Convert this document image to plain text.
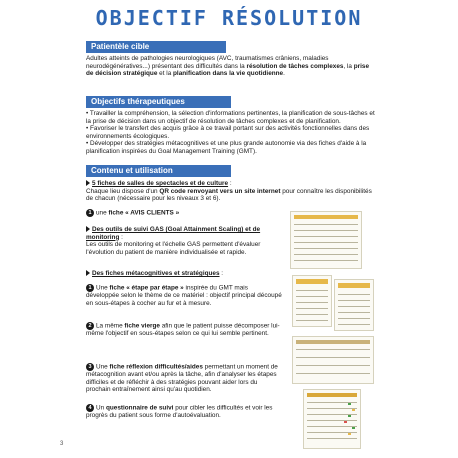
OBJECTIF RÉSOLUTION
Patientèle cible
Adultes atteints de pathologies neurologiques (AVC, traumatismes crâniens, maladies neurodégénératives...) présentant des difficultés dans la résolution de tâches complexes, la prise de décision stratégique et la planification dans la vie quotidienne.
Objectifs thérapeutiques
• Travailler la compréhension, la sélection d'informations pertinentes, la planification de sous-tâches et la prise de décision dans un objectif de résolution de tâches complexes et de planification.
• Favoriser le transfert des acquis grâce à ce travail portant sur des activités fonctionnelles dans des environnements écologiques.
• Développer des stratégies métacognitives et une plus grande autonomie via des fiches d'aide à la planification inspirées du Goal Management Training (GMT).
Contenu et utilisation
5 fiches de salles de spectacles et de culture :
Chaque lieu dispose d'un QR code renvoyant vers un site internet pour connaître les disponibilités de chacun (nécessaire pour les niveaux 3 et 6).
1 une fiche « AVIS CLIENTS »
Des outils de suivi GAS (Goal Attainment Scaling) et de monitoring :
Les outils de monitoring et l'échelle GAS permettent d'évaluer l'évolution du patient de manière individualisée et rapide.
Des fiches métacognitives et stratégiques :
1 Une fiche « étape par étape » inspirée du GMT mais développée selon le thème de ce matériel : objectif principal découpé en sous-étapes à cocher au fur et à mesure.
2 La même fiche vierge afin que le patient puisse décomposer lui-même l'objectif en sous-étapes selon ce qui lui semble pertinent.
3 Une fiche réflexion difficultés/aides permettant un moment de métacognition avant et/ou après la tâche, afin d'analyser les étapes difficiles et de réfléchir à des stratégies pouvant aider lors du prochain entraînement ainsi qu'au quotidien.
4 Un questionnaire de suivi pour cibler les difficultés et voir les progrès du patient sous forme d'autoévaluation.
3
